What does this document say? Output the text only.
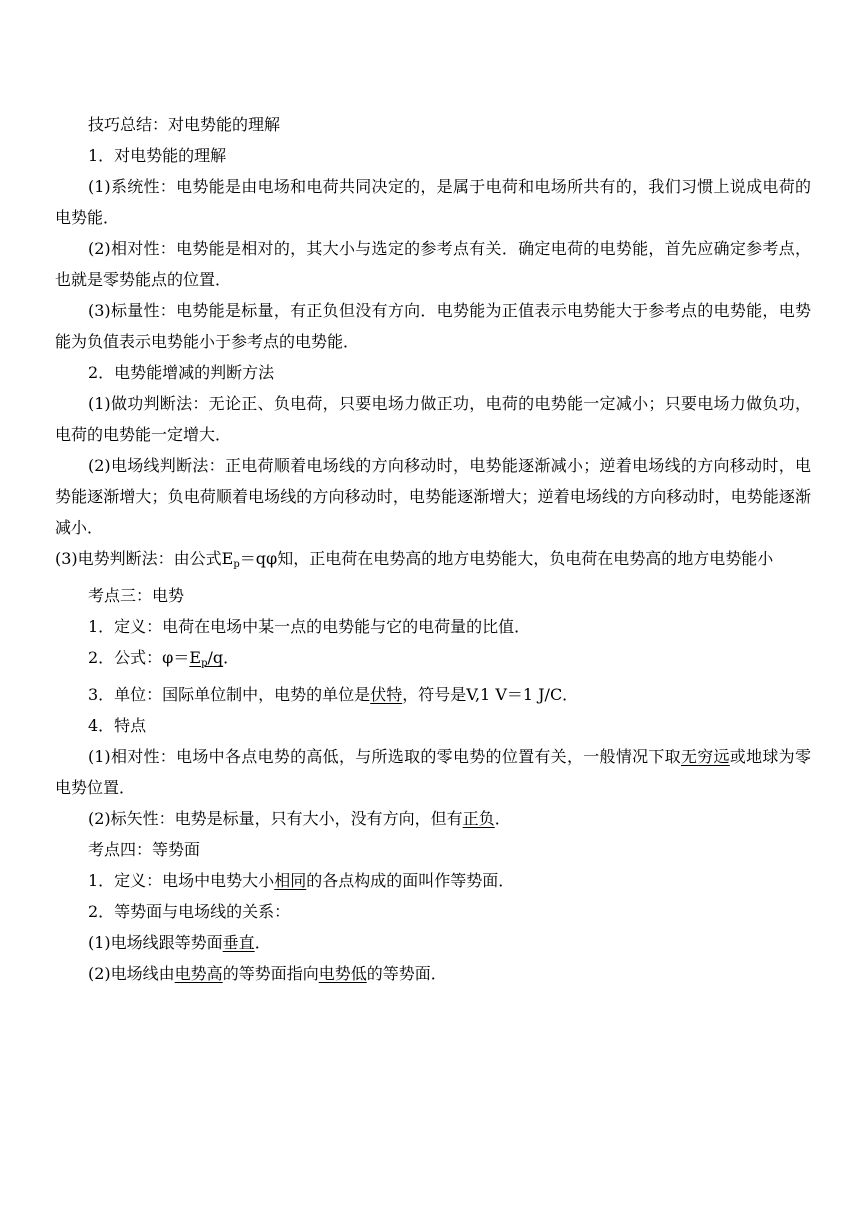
技巧总结：对电势能的理解

1．对电势能的理解

(1)系统性：电势能是由电场和电荷共同决定的，是属于电荷和电场所共有的，我们习惯上说成电荷的电势能．

(2)相对性：电势能是相对的，其大小与选定的参考点有关．确定电荷的电势能，首先应确定参考点，也就是零势能点的位置．

(3)标量性：电势能是标量，有正负但没有方向．电势能为正值表示电势能大于参考点的电势能，电势能为负值表示电势能小于参考点的电势能．

2．电势能增减的判断方法

(1)做功判断法：无论正、负电荷，只要电场力做正功，电荷的电势能一定减小；只要电场力做负功，电荷的电势能一定增大．

(2)电场线判断法：正电荷顺着电场线的方向移动时，电势能逐渐减小；逆着电场线的方向移动时，电势能逐渐增大；负电荷顺着电场线的方向移动时，电势能逐渐增大；逆着电场线的方向移动时，电势能逐渐减小．

(3)电势判断法：由公式$E_p=q\varphi$知，正电荷在电势高的地方电势能大，负电荷在电势高的地方电势能小

考点三：电势

1．定义：电荷在电场中某一点的电势能与它的电荷量的比值．

2．公式：$\varphi=E_p/q$．

3．单位：国际单位制中，电势的单位是伏特，符号是V,1 V＝1 J/C．

4．特点

(1)相对性：电场中各点电势的高低，与所选取的零电势的位置有关，一般情况下取无穷远或地球为零电势位置．

(2)标矢性：电势是标量，只有大小，没有方向，但有正负．

考点四：等势面

1．定义：电场中电势大小相同的各点构成的面叫作等势面．

2．等势面与电场线的关系：

(1)电场线跟等势面垂直．

(2)电场线由电势高的等势面指向电势低的等势面．
